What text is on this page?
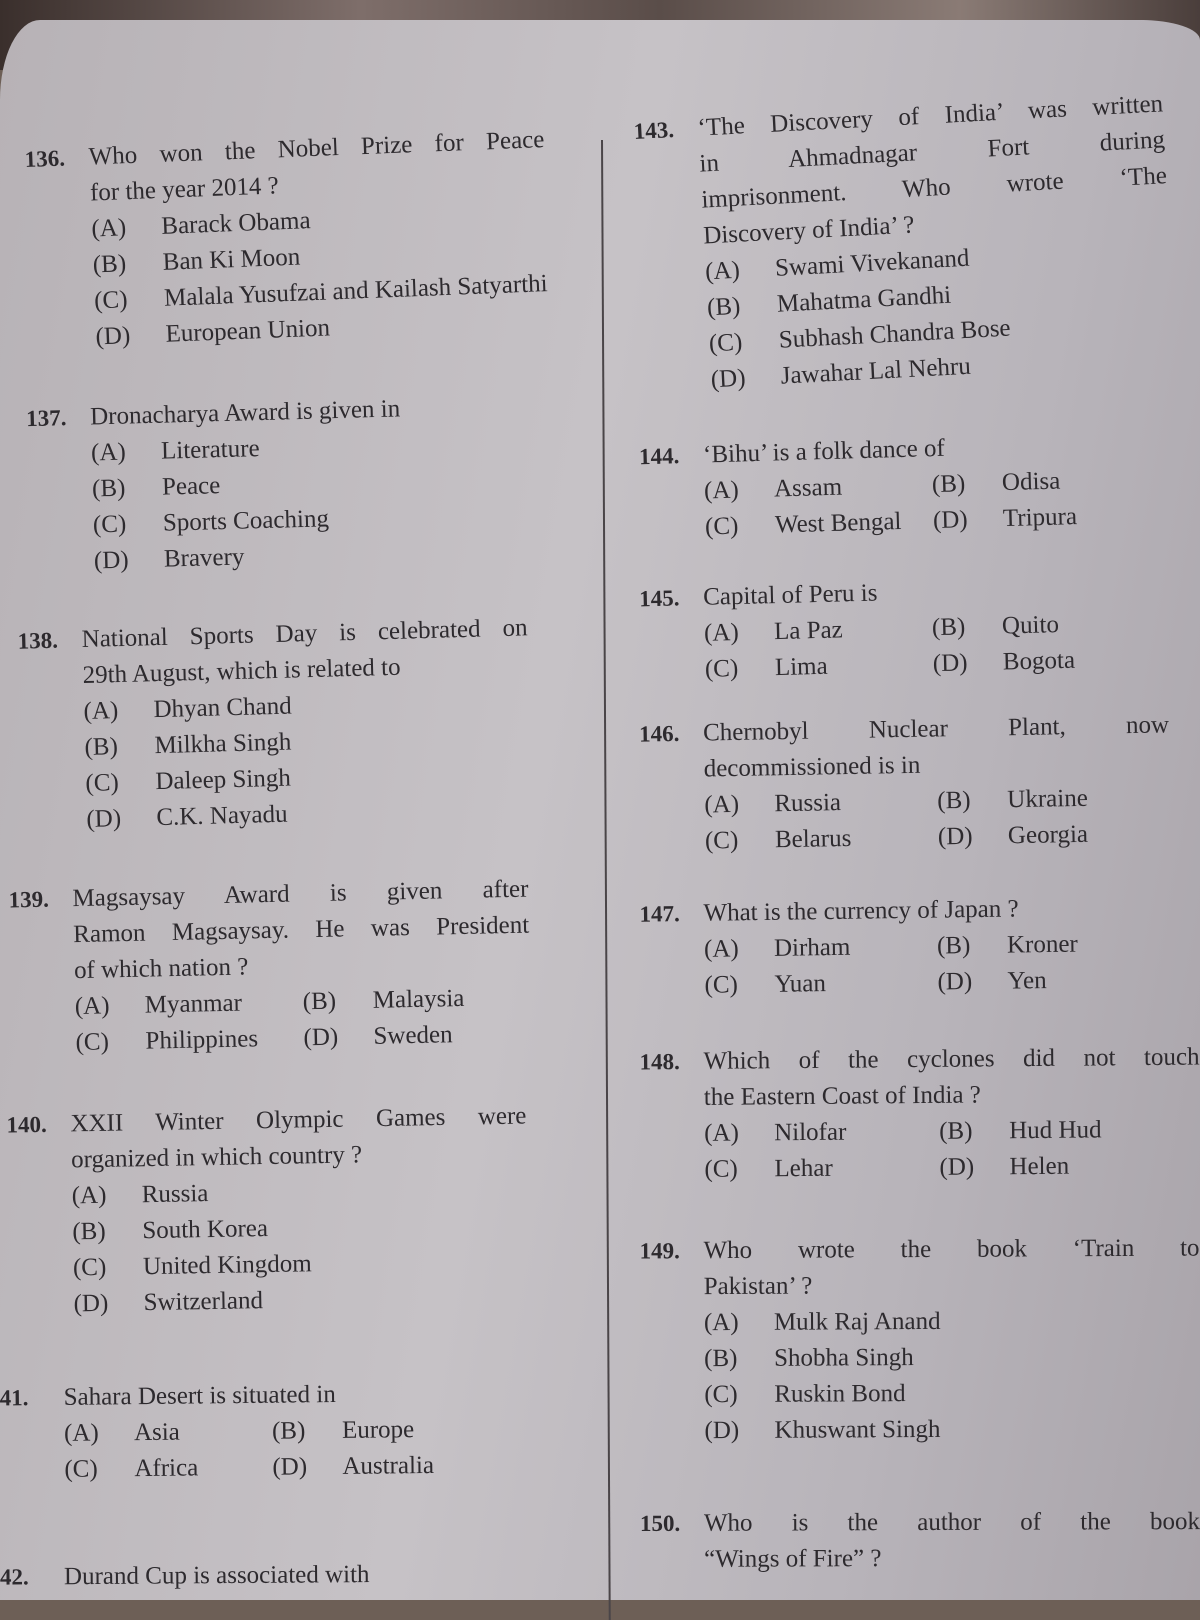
136. Who won the Nobel Prize for Peace
for the year 2014 ?
(A)	Barack Obama
(B)	Ban Ki Moon
(C)	Malala Yusufzai and Kailash Satyarthi
(D)	European Union
137. Dronacharya Award is given in
(A)	Literature
(B)	Peace
(C)	Sports Coaching
(D)	Bravery
138. National Sports Day is celebrated on
29th August, which is related to
(A)	Dhyan Chand
(B)	Milkha Singh
(C)	Daleep Singh
(D)	C.K. Nayadu
139. Magsaysay Award is given after
Ramon Magsaysay. He was President
of which nation ?
(A)	Myanmar (B)	Malaysia
(C)	Philippines (D)	Sweden
140. XXII Winter Olympic Games were
organized in which country ?
(A)	Russia
(B)	South Korea
(C)	United Kingdom
(D)	Switzerland
41. Sahara Desert is situated in
(A)	Asia	(B)	Europe
(C)	Africa	(D)	Australia
42. Durand Cup is associated with
143. ‘The Discovery of India’ was written
in Ahmadnagar Fort during
imprisonment. Who wrote ‘The
Discovery of India’ ?
(A)	Swami Vivekanand
(B)	Mahatma Gandhi
(C)	Subhash Chandra Bose
(D)	Jawahar Lal Nehru
144. ‘Bihu’ is a folk dance of
(A)	Assam	(B)	Odisa
(C)	West Bengal (D)	Tripura
145. Capital of Peru is
(A)	La Paz	(B)	Quito
(C)	Lima	(D)	Bogota
146. Chernobyl Nuclear Plant, now
decommissioned is in
(A)	Russia	(B)	Ukraine
(C)	Belarus	(D)	Georgia
147. What is the currency of Japan ?
(A)	Dirham	(B)	Kroner
(C)	Yuan	(D)	Yen
148. Which of the cyclones did not touch
the Eastern Coast of India ?
(A)	Nilofar	(B)	Hud Hud
(C)	Lehar	(D)	Helen
149. Who wrote the book ‘Train to
Pakistan’ ?
(A)	Mulk Raj Anand
(B)	Shobha Singh
(C)	Ruskin Bond
(D)	Khuswant Singh
150. Who is the author of the book
“Wings of Fire” ?
